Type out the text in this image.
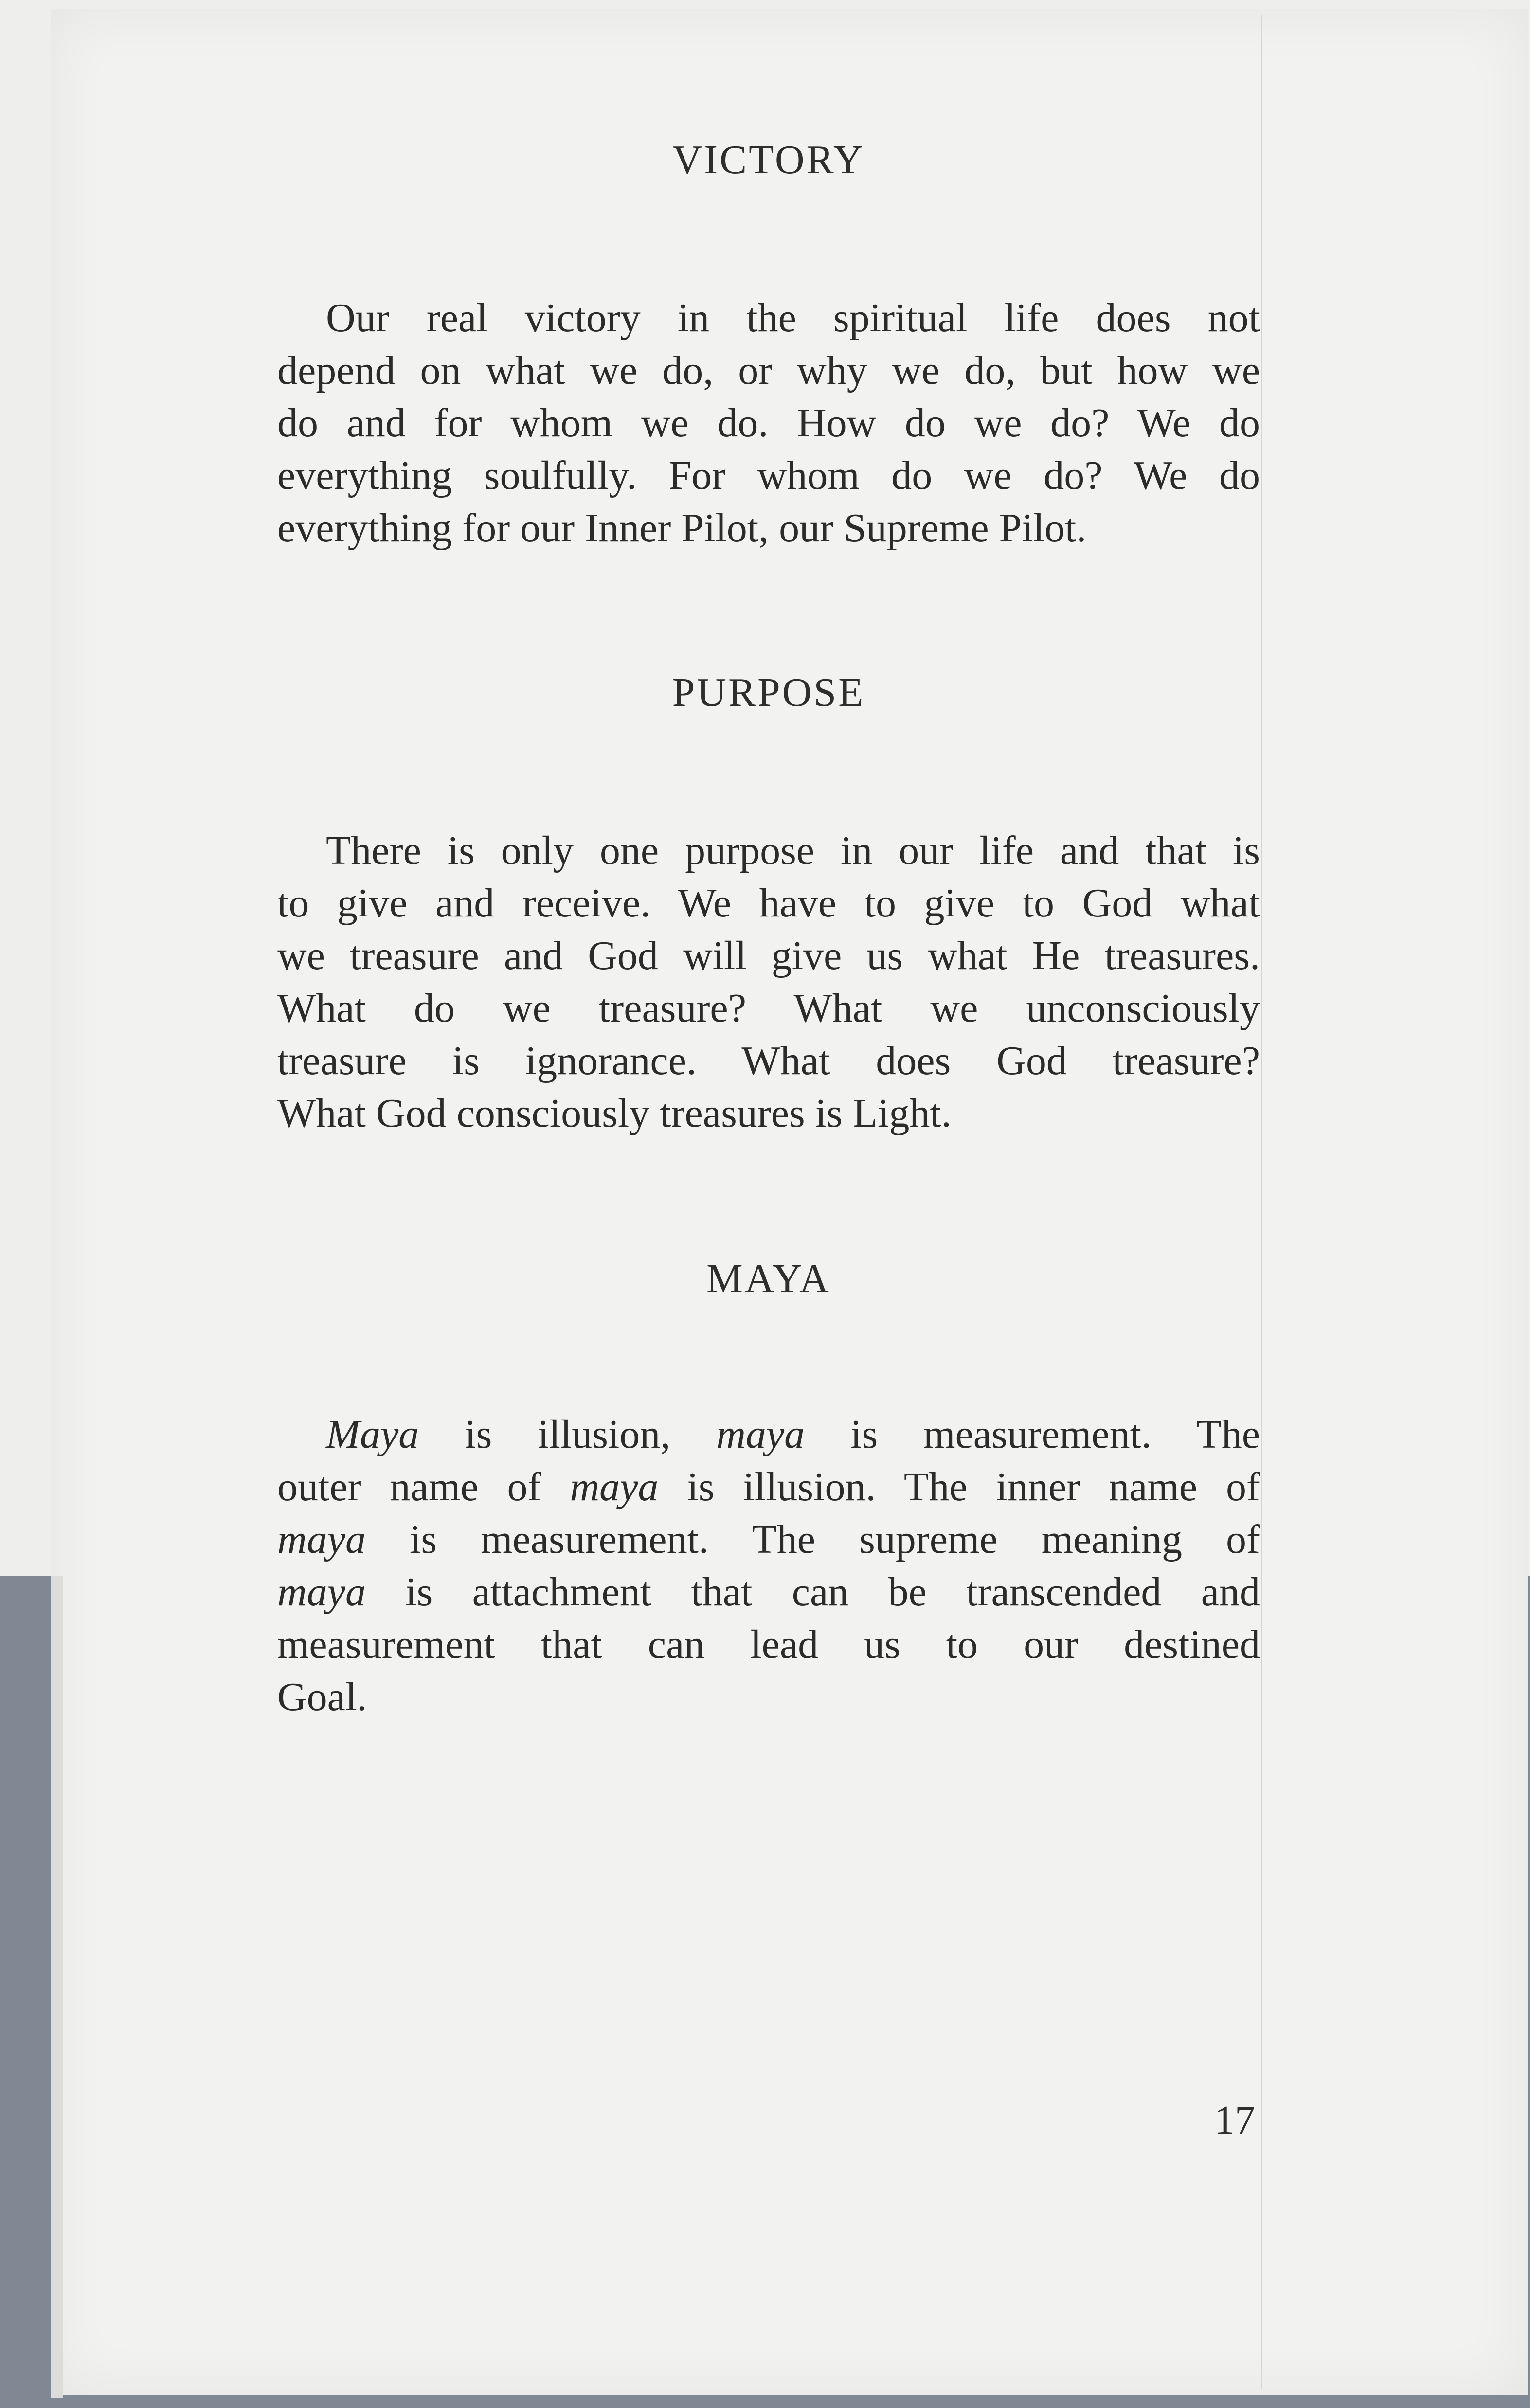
VICTORY

Our real victory in the spiritual life does not
depend on what we do, or why we do, but how we
do and for whom we do. How do we do? We do
everything soulfully. For whom do we do? We do
everything for our Inner Pilot, our Supreme Pilot.

PURPOSE

There is only one purpose in our life and that is
to give and receive. We have to give to God what
we treasure and God will give us what He treasures.
What do we treasure? What we unconsciously
treasure is ignorance. What does God treasure?
What God consciously treasures is Light.

MAYA

Maya is illusion, maya is measurement. The
outer name of maya is illusion. The inner name of
maya is measurement. The supreme meaning of
maya is attachment that can be transcended and
measurement that can lead us to our destined
Goal.

17
